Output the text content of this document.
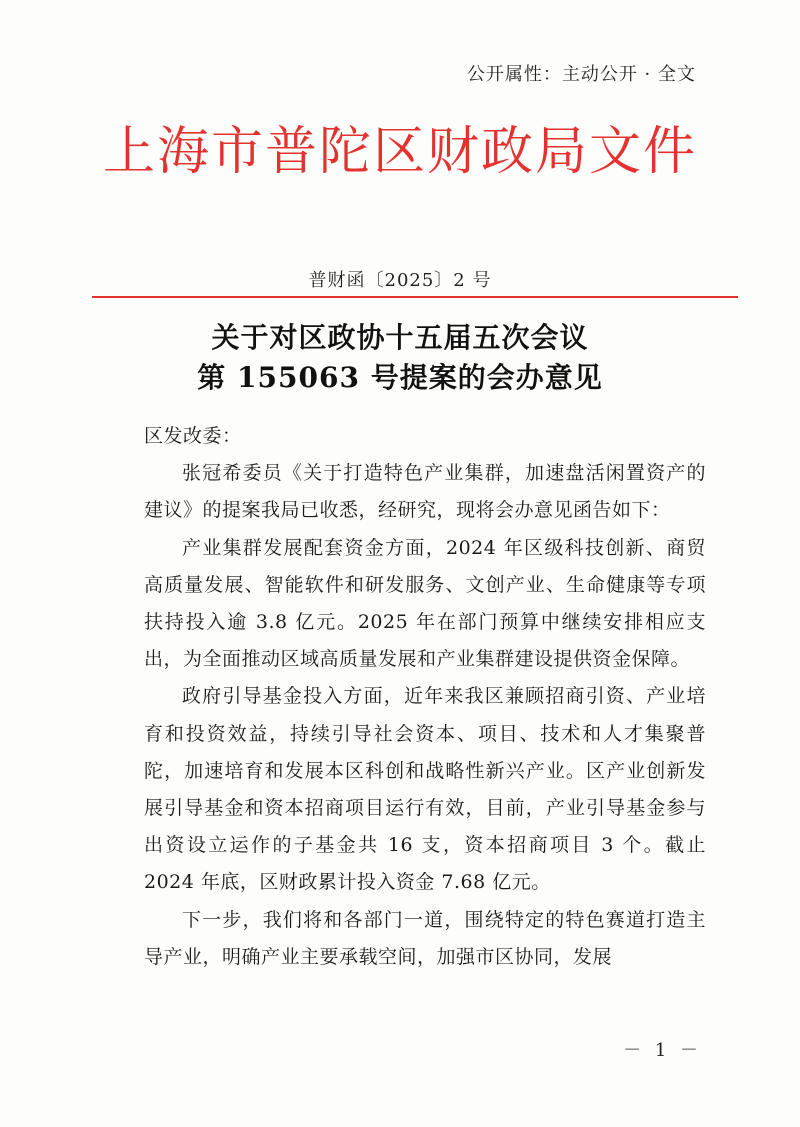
公开属性：主动公开 · 全文
上海市普陀区财政局文件
普财函〔2025〕2 号
关于对区政协十五届五次会议
第 155063 号提案的会办意见

区发改委：

张冠希委员《关于打造特色产业集群，加速盘活闲置资产的建议》的提案我局已收悉，经研究，现将会办意见函告如下：

产业集群发展配套资金方面，2024 年区级科技创新、商贸高质量发展、智能软件和研发服务、文创产业、生命健康等专项扶持投入逾 3.8 亿元。2025 年在部门预算中继续安排相应支出，为全面推动区域高质量发展和产业集群建设提供资金保障。

政府引导基金投入方面，近年来我区兼顾招商引资、产业培育和投资效益，持续引导社会资本、项目、技术和人才集聚普陀，加速培育和发展本区科创和战略性新兴产业。区产业创新发展引导基金和资本招商项目运行有效，目前，产业引导基金参与出资设立运作的子基金共 16 支，资本招商项目 3 个。截止 2024 年底，区财政累计投入资金 7.68 亿元。

下一步，我们将和各部门一道，围绕特定的特色赛道打造主导产业，明确产业主要承载空间，加强市区协同，发展

－ 1 －
